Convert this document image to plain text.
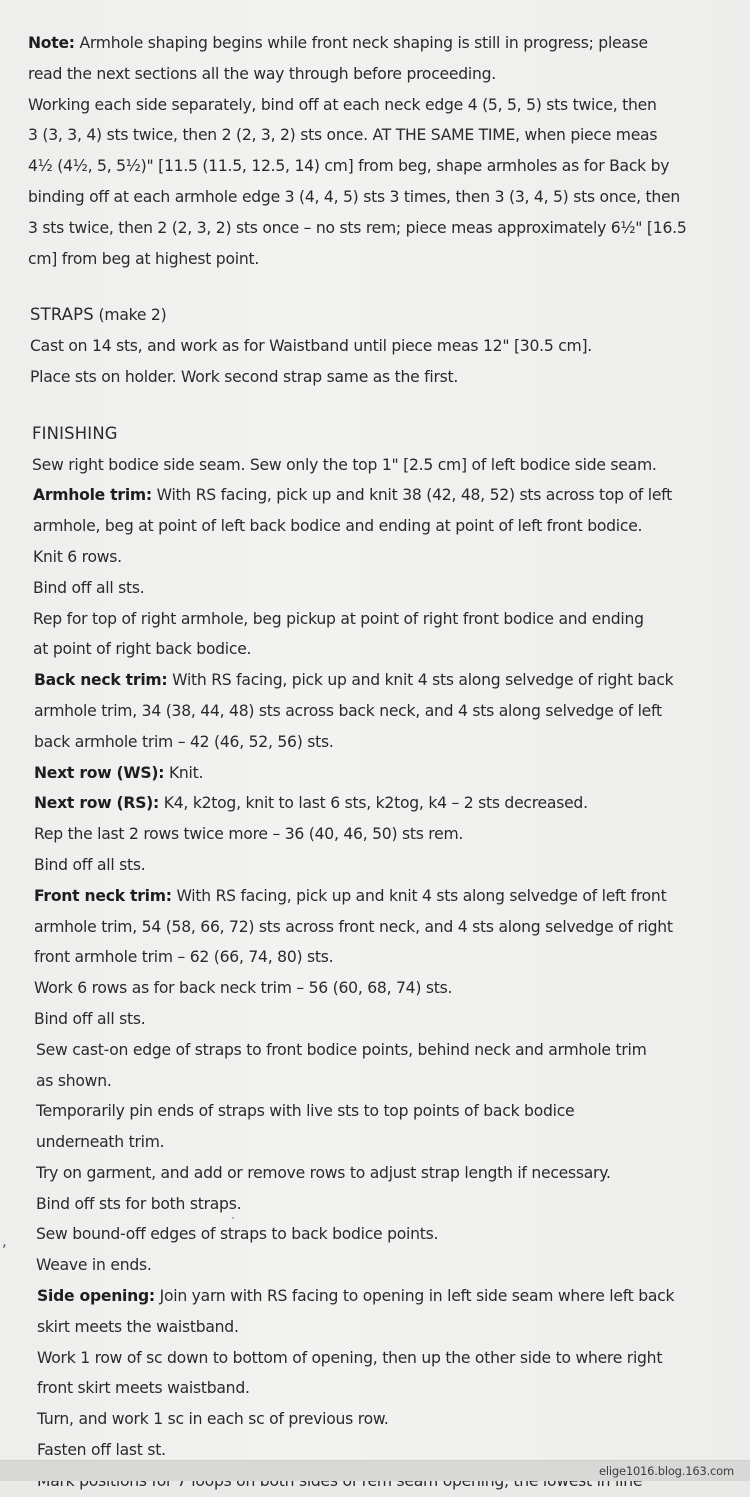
Note: Armhole shaping begins while front neck shaping is still in progress; please
read the next sections all the way through before proceeding.
Working each side separately, bind off at each neck edge 4 (5, 5, 5) sts twice, then
3 (3, 3, 4) sts twice, then 2 (2, 3, 2) sts once. AT THE SAME TIME, when piece meas
4½ (4½, 5, 5½)" [11.5 (11.5, 12.5, 14) cm] from beg, shape armholes as for Back by
binding off at each armhole edge 3 (4, 4, 5) sts 3 times, then 3 (3, 4, 5) sts once, then
3 sts twice, then 2 (2, 3, 2) sts once – no sts rem; piece meas approximately 6½" [16.5
cm] from beg at highest point.
STRAPS (make 2)
Cast on 14 sts, and work as for Waistband until piece meas 12" [30.5 cm].
Place sts on holder. Work second strap same as the first.
FINISHING
Sew right bodice side seam. Sew only the top 1" [2.5 cm] of left bodice side seam.
Armhole trim: With RS facing, pick up and knit 38 (42, 48, 52) sts across top of left
armhole, beg at point of left back bodice and ending at point of left front bodice.
Knit 6 rows.
Bind off all sts.
Rep for top of right armhole, beg pickup at point of right front bodice and ending
at point of right back bodice.
Back neck trim: With RS facing, pick up and knit 4 sts along selvedge of right back
armhole trim, 34 (38, 44, 48) sts across back neck, and 4 sts along selvedge of left
back armhole trim – 42 (46, 52, 56) sts.
Next row (WS): Knit.
Next row (RS): K4, k2tog, knit to last 6 sts, k2tog, k4 – 2 sts decreased.
Rep the last 2 rows twice more – 36 (40, 46, 50) sts rem.
Bind off all sts.
Front neck trim: With RS facing, pick up and knit 4 sts along selvedge of left front
armhole trim, 54 (58, 66, 72) sts across front neck, and 4 sts along selvedge of right
front armhole trim – 62 (66, 74, 80) sts.
Work 6 rows as for back neck trim – 56 (60, 68, 74) sts.
Bind off all sts.
Sew cast-on edge of straps to front bodice points, behind neck and armhole trim
as shown.
Temporarily pin ends of straps with live sts to top points of back bodice
underneath trim.
Try on garment, and add or remove rows to adjust strap length if necessary.
Bind off sts for both straps.
Sew bound-off edges of straps to back bodice points.
Weave in ends.
Side opening: Join yarn with RS facing to opening in left side seam where left back
skirt meets the waistband.
Work 1 row of sc down to bottom of opening, then up the other side to where right
front skirt meets waistband.
Turn, and work 1 sc in each sc of previous row.
Fasten off last st.
,
elige1016.blog.163.com
